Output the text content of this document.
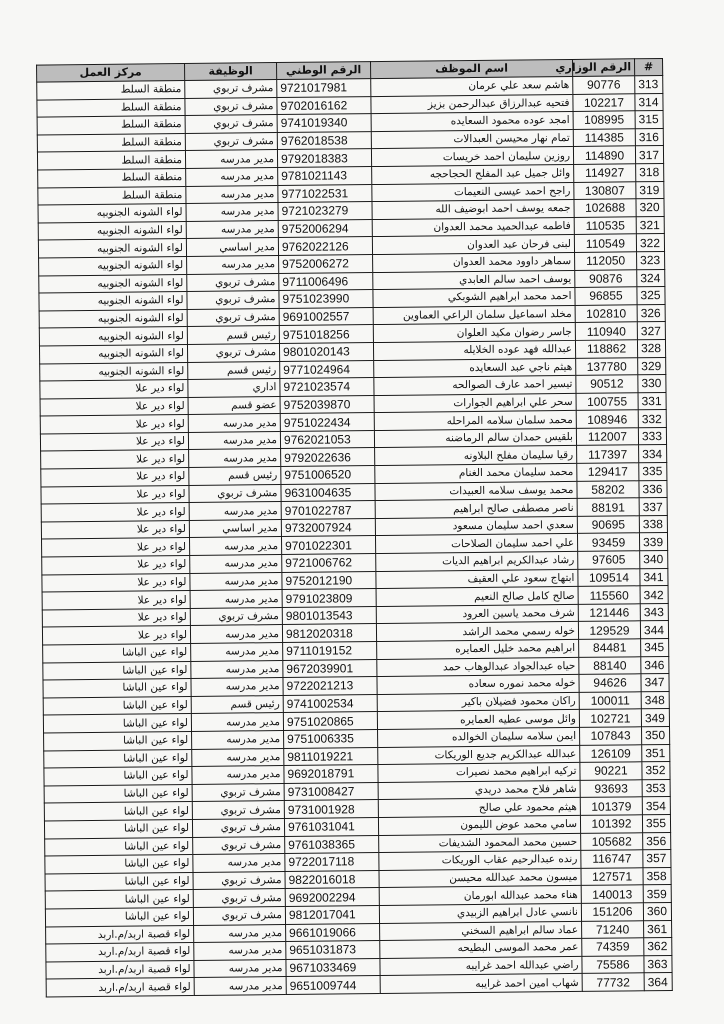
#	الرقم الوزاري	اسم الموظف	الرقم الوطني	الوظيفة	مركز العمل
313	90776	هاشم سعد علي عرمان	9721017981	مشرف تربوي	منطقة السلط
314	102217	فتحيه عبدالرزاق عبدالرحمن بزيز	9702016162	مشرف تربوي	منطقة السلط
315	108995	امجد عوده محمود السعايده	9741019340	مشرف تربوي	منطقة السلط
316	114385	تمام نهار محيسن العبدالات	9762018538	مشرف تربوي	منطقة السلط
317	114890	روزين سليمان احمد خريسات	9792018383	مدير مدرسه	منطقة السلط
318	114927	وائل جميل عبد المفلح الحجاحجه	9781021143	مدير مدرسه	منطقة السلط
319	130807	راجح احمد عيسى النعيمات	9771022531	مدير مدرسه	منطقة السلط
320	102688	جمعه يوسف احمد ابوضيف الله	9721023279	مدير مدرسه	لواء الشونه الجنوبيه
321	110535	فاطمه عبدالحميد محمد العدوان	9752006294	مدير مدرسه	لواء الشونه الجنوبيه
322	110549	لبنى فرحان عبد العدوان	9762022126	مدير اساسي	لواء الشونه الجنوبيه
323	112050	سماهر داوود محمد العدوان	9752006272	مدير مدرسه	لواء الشونه الجنوبيه
324	90876	يوسف احمد سالم العابدي	9711006496	مشرف تربوي	لواء الشونه الجنوبيه
325	96855	احمد محمد ابراهيم الشوبكي	9751023990	مشرف تربوي	لواء الشونه الجنوبيه
326	102810	مخلد اسماعيل سلمان الراعي العماوين	9691002557	مشرف تربوي	لواء الشونه الجنوبيه
327	110940	جاسر رضوان مكيد العلوان	9751018256	رئيس قسم	لواء الشونه الجنوبيه
328	118862	عبدالله فهد عوده الخلايله	9801020143	مشرف تربوي	لواء الشونه الجنوبيه
329	137780	هيثم ناجي عبد السعايده	9771024964	رئيس قسم	لواء الشونه الجنوبيه
330	90512	تيسير احمد عارف الصوالحه	9721023574	اداري	لواء دير علا
331	100755	سحر علي ابراهيم الجوارات	9752039870	عضو قسم	لواء دير علا
332	108946	محمد سلمان سلامه المراحله	9751022434	مدير مدرسه	لواء دير علا
333	112007	بلقيس حمدان سالم الرماضنه	9762021053	مدير مدرسه	لواء دير علا
334	117397	رقيا سليمان مفلح البلاونه	9792022636	مدير مدرسه	لواء دير علا
335	129417	محمد سليمان محمد الغنام	9751006520	رئيس قسم	لواء دير علا
336	58202	محمد يوسف سلامه العبيدات	9631004635	مشرف تربوي	لواء دير علا
337	88191	ناصر مصطفى صالح ابراهيم	9701022787	مدير مدرسه	لواء دير علا
338	90695	سعدي احمد سليمان مسعود	9732007924	مدير اساسي	لواء دير علا
339	93459	علي احمد سليمان الصلاحات	9701022301	مدير مدرسه	لواء دير علا
340	97605	رشاد عبدالكريم ابراهيم الديات	9721006762	مدير مدرسه	لواء دير علا
341	109514	ابتهاج سعود علي العقيف	9752012190	مدير مدرسه	لواء دير علا
342	115560	صالح كامل صالح النعيم	9791023809	مدير مدرسه	لواء دير علا
343	121446	شرف محمد ياسين العرود	9801013543	مشرف تربوي	لواء دير علا
344	129529	خوله رسمي محمد الراشد	9812020318	مدير مدرسه	لواء دير علا
345	84481	ابراهيم محمد خليل العمايره	9711019152	مدير مدرسه	لواء عين الباشا
346	88140	حياه عبدالجواد عبدالوهاب حمد	9672039901	مدير مدرسه	لواء عين الباشا
347	94626	خوله محمد نموره سعاده	9722021213	مدير مدرسه	لواء عين الباشا
348	100011	راكان محمود فضيلان باكير	9741002534	رئيس قسم	لواء عين الباشا
349	102721	وائل موسى عطيه العمايره	9751020865	مدير مدرسه	لواء عين الباشا
350	107843	ايمن سلامه سليمان الخوالده	9751006335	مدير مدرسه	لواء عين الباشا
351	126109	عبدالله عبدالكريم جديع الوريكات	9811019221	مدير مدرسه	لواء عين الباشا
352	90221	تركيه ابراهيم محمد نصيرات	9692018791	مدير مدرسه	لواء عين الباشا
353	93693	شاهر فلاح محمد دريدي	9731008427	مشرف تربوي	لواء عين الباشا
354	101379	هيثم محمود علي صالح	9731001928	مشرف تربوي	لواء عين الباشا
355	101392	سامي محمد عوض الليمون	9761031041	مشرف تربوي	لواء عين الباشا
356	105682	حسين محمد المحمود الشديفات	9761038365	مشرف تربوي	لواء عين الباشا
357	116747	رنده عبدالرحيم عقاب الوريكات	9722017118	مدير مدرسه	لواء عين الباشا
358	127571	ميسون محمد عبدالله محيسن	9822016018	مشرف تربوي	لواء عين الباشا
359	140013	هناء محمد عبدالله ابورمان	9692002294	مشرف تربوي	لواء عين الباشا
360	151206	نانسي عادل ابراهيم الزبيدي	9812017041	مشرف تربوي	لواء عين الباشا
361	71240	عماد سالم ابراهيم السخني	9661019066	مدير مدرسه	لواء قصبة اربد/م.اربد
362	74359	عمر محمد الموسى البطيحه	9651031873	مدير مدرسه	لواء قصبة اربد/م.اربد
363	75586	راضي عبدالله احمد غرايبه	9671033469	مدير مدرسه	لواء قصبة اربد/م.اربد
364	77732	شهاب امين احمد غرايبه	9651009744	مدير مدرسه	لواء قصبة اربد/م.اربد
